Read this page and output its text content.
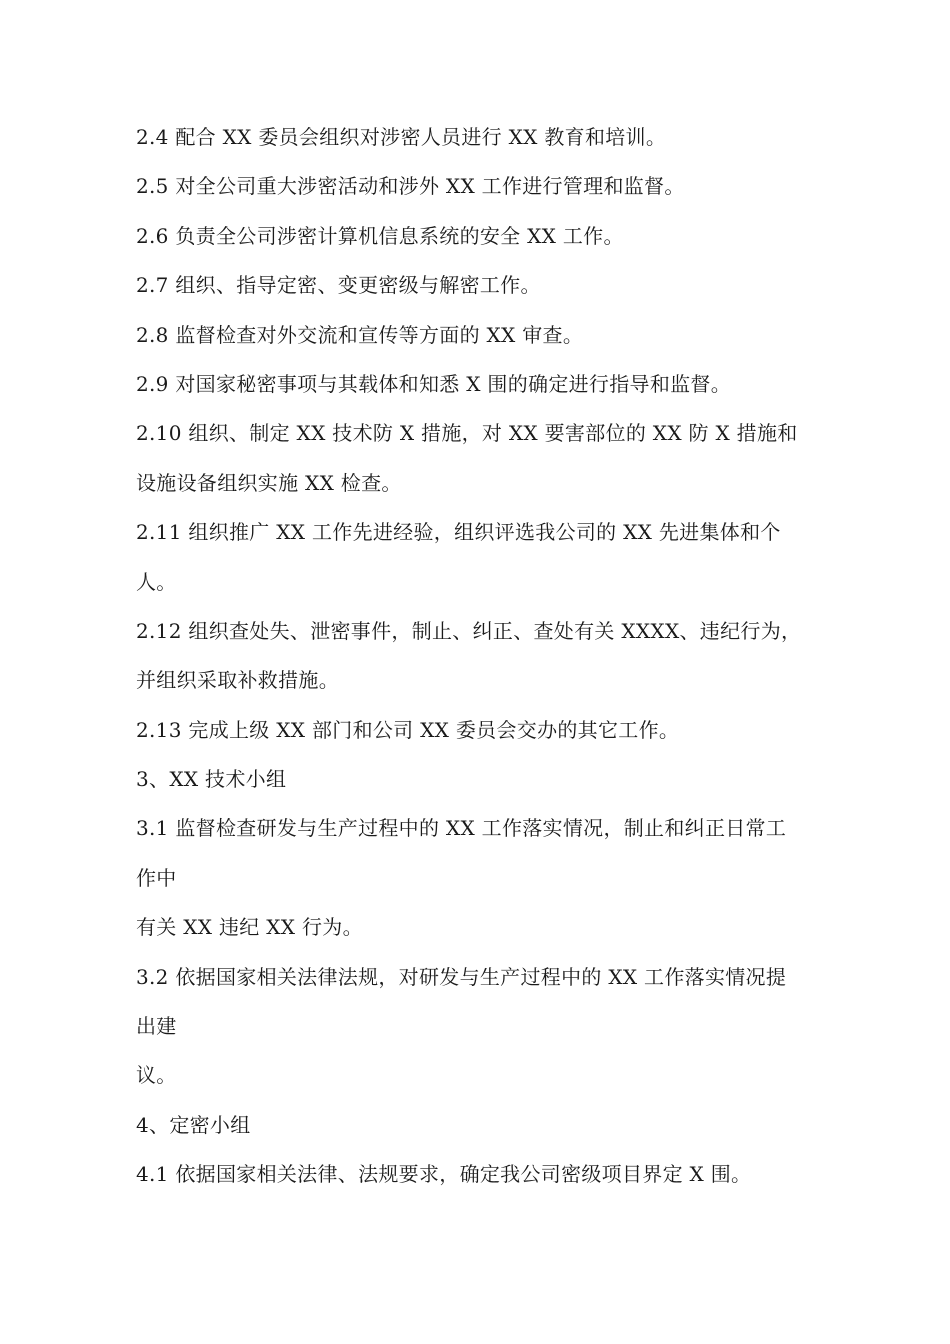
2.4 配合 XX 委员会组织对涉密人员进行 XX 教育和培训。
2.5 对全公司重大涉密活动和涉外 XX 工作进行管理和监督。
2.6 负责全公司涉密计算机信息系统的安全 XX 工作。
2.7 组织、指导定密、变更密级与解密工作。
2.8 监督检查对外交流和宣传等方面的 XX 审查。
2.9 对国家秘密事项与其载体和知悉 X 围的确定进行指导和监督。
2.10 组织、制定 XX 技术防 X 措施，对 XX 要害部位的 XX 防 X 措施和
设施设备组织实施 XX 检查。
2.11 组织推广 XX 工作先进经验，组织评选我公司的 XX 先进集体和个
人。
2.12 组织查处失、泄密事件，制止、纠正、查处有关 XXXX、违纪行为，
并组织采取补救措施。
2.13 完成上级 XX 部门和公司 XX 委员会交办的其它工作。
3、XX 技术小组
3.1 监督检查研发与生产过程中的 XX 工作落实情况，制止和纠正日常工
作中
有关 XX 违纪 XX 行为。
3.2 依据国家相关法律法规，对研发与生产过程中的 XX 工作落实情况提
出建
议。
4、定密小组
4.1 依据国家相关法律、法规要求，确定我公司密级项目界定 X 围。
